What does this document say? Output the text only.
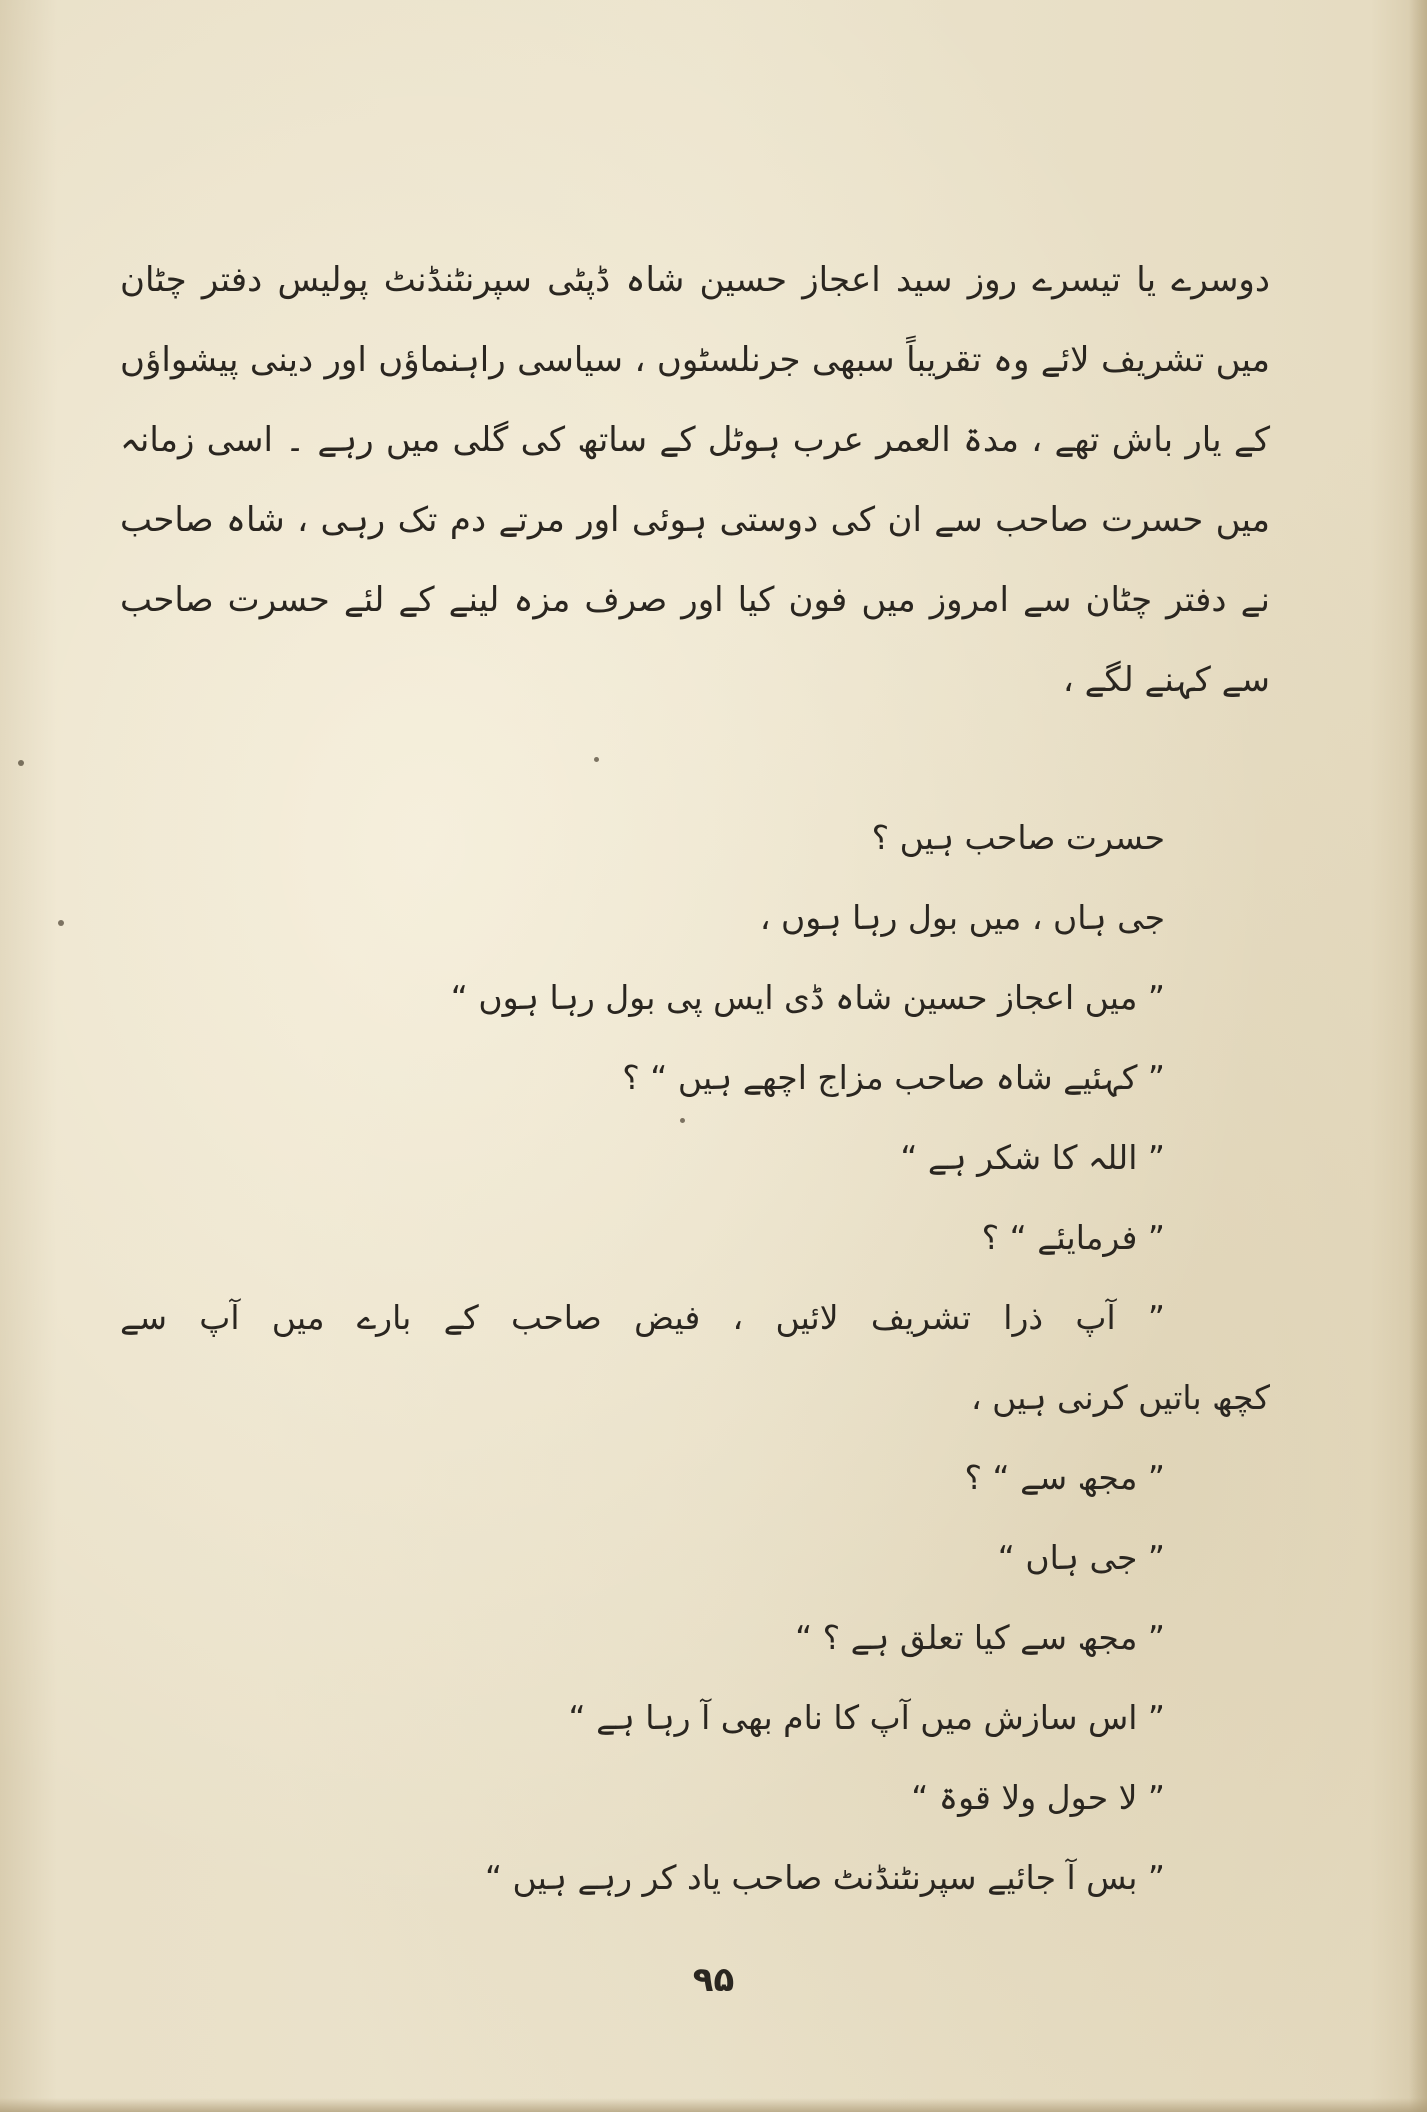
دوسرے یا تیسرے روز سید اعجاز حسین شاہ ڈپٹی سپرنٹنڈنٹ پولیس دفتر چٹان میں تشریف لائے وہ تقریباً سبھی جرنلسٹوں ، سیاسی راہنماؤں اور دینی پیشواؤں کے یار باش تھے ، مدۃ العمر عرب ہوٹل کے ساتھ کی گلی میں رہے ۔ اسی زمانہ میں حسرت صاحب سے ان کی دوستی ہوئی اور مرتے دم تک رہی ، شاہ صاحب نے دفتر چٹان سے امروز میں فون کیا اور صرف مزہ لینے کے لئے حسرت صاحب سے کہنے لگے ،

حسرت صاحب ہیں ؟

جی ہاں ، میں بول رہا ہوں ،

” میں اعجاز حسین شاہ ڈی ایس پی بول رہا ہوں “

” کہئیے شاہ صاحب مزاج اچھے ہیں “ ؟

” اللہ کا شکر ہے “

” فرمایئے “ ؟

” آپ ذرا تشریف لائیں ، فیض صاحب کے بارے میں آپ سے

کچھ باتیں کرنی ہیں ،

” مجھ سے “ ؟

” جی ہاں “

” مجھ سے کیا تعلق ہے ؟ “

” اس سازش میں آپ کا نام بھی آ رہا ہے “

” لا حول ولا قوۃ “

” بس آ جائیے سپرنٹنڈنٹ صاحب یاد کر رہے ہیں “

۹۵
